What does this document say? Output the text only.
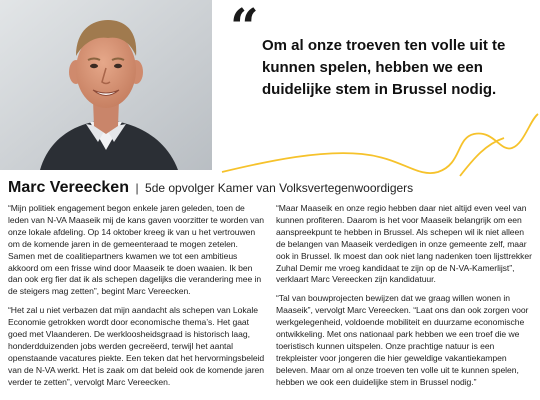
“ Om al onze troeven ten volle uit te kunnen spelen, hebben we een duidelijke stem in Brussel nodig.
Marc Vereecken | 5de opvolger Kamer van Volksvertegenwoordigers

“Mijn politiek engagement begon enkele jaren geleden, toen de leden van N-VA Maaseik mij de kans gaven voorzitter te worden van onze lokale afdeling. Op 14 oktober kreeg ik van u het vertrouwen om de komende jaren in de gemeenteraad te mogen zetelen. Samen met de coalitiepartners kwamen we tot een ambitieus akkoord om een frisse wind door Maaseik te doen waaien. Ik ben dan ook erg fier dat ik als schepen dagelijks die verandering mee in de steigers mag zetten”, begint Marc Vereecken.

“Het zal u niet verbazen dat mijn aandacht als schepen van Lokale Economie getrokken wordt door economische thema’s. Het gaat goed met Vlaanderen. De werkloosheidsgraad is historisch laag, honderdduizenden jobs werden gecreëerd, terwijl het aantal openstaande vacatures piekte. Een teken dat het hervormingsbeleid van de N-VA werkt. Het is zaak om dat beleid ook de komende jaren verder te zetten”, vervolgt Marc Vereecken.

“Maar Maaseik en onze regio hebben daar niet altijd even veel van kunnen profiteren. Daarom is het voor Maaseik belangrijk om een aanspreekpunt te hebben in Brussel. Als schepen wil ik niet alleen de belangen van Maaseik verdedigen in onze gemeente zelf, maar ook in Brussel. Ik moest dan ook niet lang nadenken toen lijsttrekker Zuhal Demir me vroeg kandidaat te zijn op de N-VA-Kamerlijst”, verklaart Marc Vereecken zijn kandidatuur.

“Tal van bouwprojecten bewijzen dat we graag willen wonen in Maaseik”, vervolgt Marc Vereecken. “Laat ons dan ook zorgen voor werkgelegenheid, voldoende mobiliteit en duurzame economische ontwikkeling. Met ons nationaal park hebben we een troef die we toeristisch kunnen uitspelen. Onze prachtige natuur is een trekpleister voor jongeren die hier geweldige vakantiekampen beleven. Maar om al onze troeven ten volle uit te kunnen spelen, hebben we ook een duidelijke stem in Brussel nodig.”
